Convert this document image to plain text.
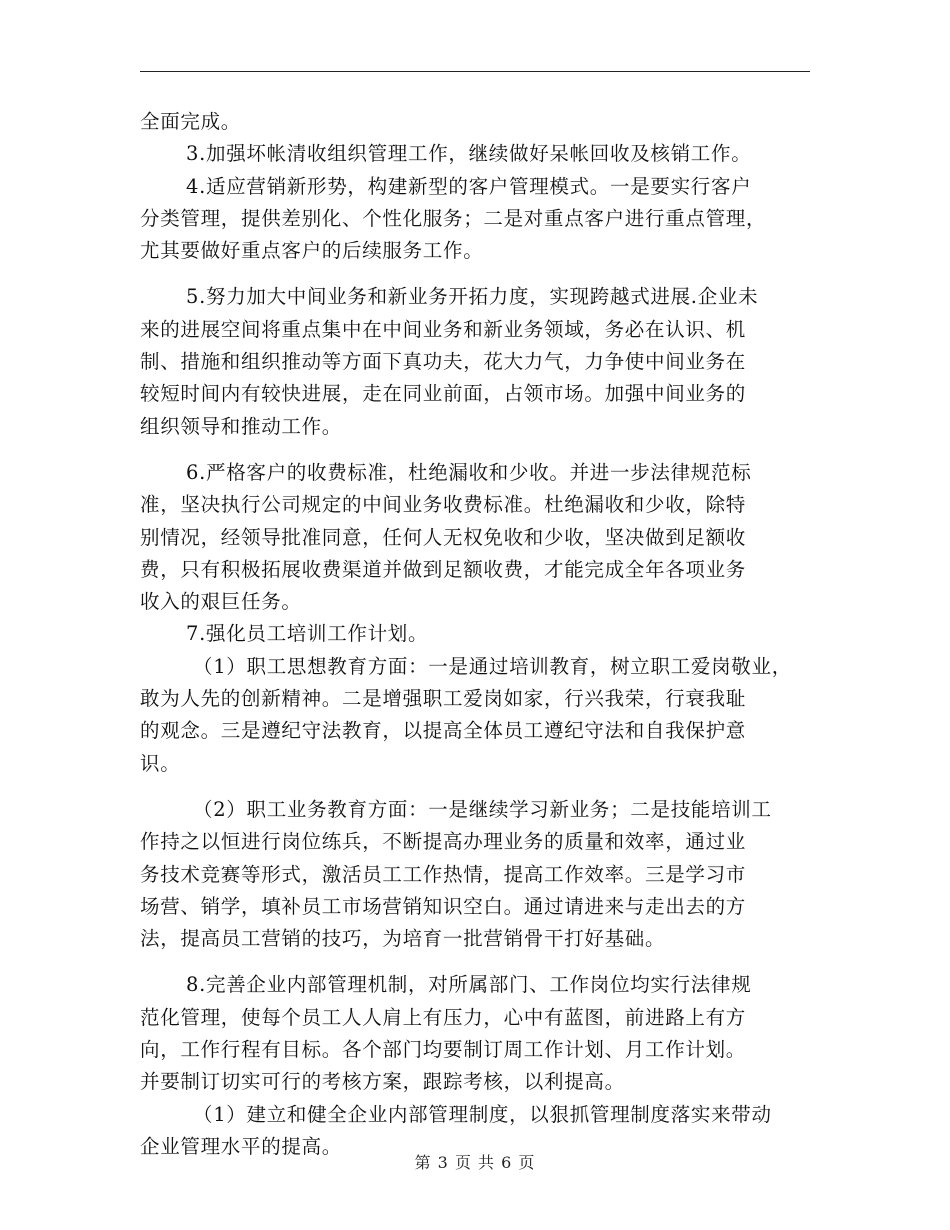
全面完成。
3.加强坏帐清收组织管理工作，继续做好呆帐回收及核销工作。
4.适应营销新形势，构建新型的客户管理模式。一是要实行客户
分类管理，提供差别化、个性化服务；二是对重点客户进行重点管理，
尤其要做好重点客户的后续服务工作。
5.努力加大中间业务和新业务开拓力度，实现跨越式进展.企业未
来的进展空间将重点集中在中间业务和新业务领域，务必在认识、机
制、措施和组织推动等方面下真功夫，花大力气，力争使中间业务在
较短时间内有较快进展，走在同业前面，占领市场。加强中间业务的
组织领导和推动工作。
6.严格客户的收费标准，杜绝漏收和少收。并进一步法律规范标
准，坚决执行公司规定的中间业务收费标准。杜绝漏收和少收，除特
别情况，经领导批准同意，任何人无权免收和少收，坚决做到足额收
费，只有积极拓展收费渠道并做到足额收费，才能完成全年各项业务
收入的艰巨任务。
7.强化员工培训工作计划。
（1）职工思想教育方面：一是通过培训教育，树立职工爱岗敬业，
敢为人先的创新精神。二是增强职工爱岗如家，行兴我荣，行衰我耻
的观念。三是遵纪守法教育，以提高全体员工遵纪守法和自我保护意
识。
（2）职工业务教育方面：一是继续学习新业务；二是技能培训工
作持之以恒进行岗位练兵，不断提高办理业务的质量和效率，通过业
务技术竞赛等形式，激活员工工作热情，提高工作效率。三是学习市
场营、销学，填补员工市场营销知识空白。通过请进来与走出去的方
法，提高员工营销的技巧，为培育一批营销骨干打好基础。
8.完善企业内部管理机制，对所属部门、工作岗位均实行法律规
范化管理，使每个员工人人肩上有压力，心中有蓝图，前进路上有方
向，工作行程有目标。各个部门均要制订周工作计划、月工作计划。
并要制订切实可行的考核方案，跟踪考核，以利提高。
（1）建立和健全企业内部管理制度，以狠抓管理制度落实来带动
企业管理水平的提高。
第 3 页 共 6 页
